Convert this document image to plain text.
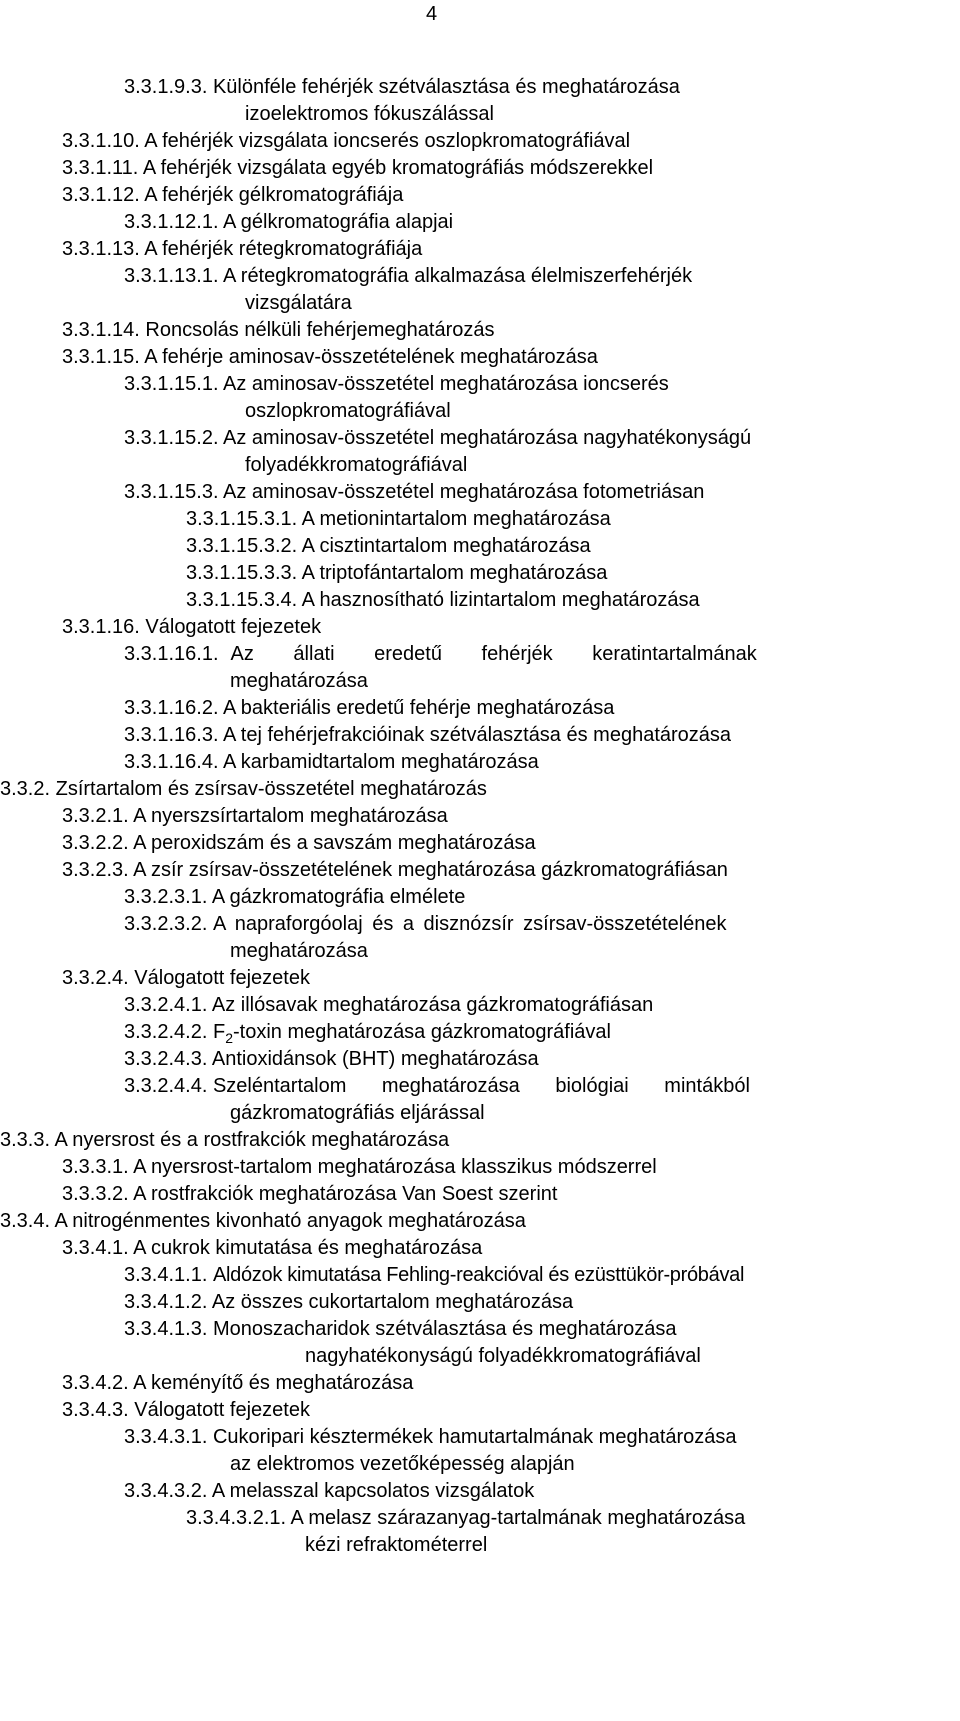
4
3.3.1.9.3. Különféle fehérjék szétválasztása és meghatározása
izoelektromos fókuszálással
3.3.1.10. A fehérjék vizsgálata ioncserés oszlopkromatográfiával
3.3.1.11. A fehérjék vizsgálata egyéb kromatográfiás módszerekkel
3.3.1.12. A fehérjék gélkromatográfiája
3.3.1.12.1. A gélkromatográfia alapjai
3.3.1.13. A fehérjék rétegkromatográfiája
3.3.1.13.1. A rétegkromatográfia alkalmazása élelmiszerfehérjék
vizsgálatára
3.3.1.14. Roncsolás nélküli fehérjemeghatározás
3.3.1.15. A fehérje aminosav-összetételének meghatározása
3.3.1.15.1. Az aminosav-összetétel meghatározása ioncserés
oszlopkromatográfiával
3.3.1.15.2. Az aminosav-összetétel meghatározása nagyhatékonyságú
folyadékkromatográfiával
3.3.1.15.3. Az aminosav-összetétel meghatározása fotometriásan
3.3.1.15.3.1. A metionintartalom meghatározása
3.3.1.15.3.2. A cisztintartalom meghatározása
3.3.1.15.3.3. A triptofántartalom meghatározása
3.3.1.15.3.4. A hasznosítható lizintartalom meghatározása
3.3.1.16. Válogatott fejezetek
3.3.1.16.1. Az állati eredetű fehérjék keratintartalmának
meghatározása
3.3.1.16.2. A bakteriális eredetű fehérje meghatározása
3.3.1.16.3. A tej fehérjefrakcióinak szétválasztása és meghatározása
3.3.1.16.4. A karbamidtartalom meghatározása
3.3.2. Zsírtartalom és zsírsav-összetétel meghatározás
3.3.2.1. A nyerszsírtartalom meghatározása
3.3.2.2. A peroxidszám és a savszám meghatározása
3.3.2.3. A zsír zsírsav-összetételének meghatározása gázkromatográfiásan
3.3.2.3.1. A gázkromatográfia elmélete
3.3.2.3.2. A napraforgóolaj és a disznózsír zsírsav-összetételének
meghatározása
3.3.2.4. Válogatott fejezetek
3.3.2.4.1. Az illósavak meghatározása gázkromatográfiásan
3.3.2.4.2. $F_2$-toxin meghatározása gázkromatográfiával
3.3.2.4.3. Antioxidánsok (BHT) meghatározása
3.3.2.4.4. Szeléntartalom meghatározása biológiai mintákból
gázkromatográfiás eljárással
3.3.3. A nyersrost és a rostfrakciók meghatározása
3.3.3.1. A nyersrost-tartalom meghatározása klasszikus módszerrel
3.3.3.2. A rostfrakciók meghatározása Van Soest szerint
3.3.4. A nitrogénmentes kivonható anyagok meghatározása
3.3.4.1. A cukrok kimutatása és meghatározása
3.3.4.1.1. Aldózok kimutatása Fehling-reakcióval és ezüsttükör-próbával
3.3.4.1.2. Az összes cukortartalom meghatározása
3.3.4.1.3. Monoszacharidok szétválasztása és meghatározása
nagyhatékonyságú folyadékkromatográfiával
3.3.4.2. A keményítő és meghatározása
3.3.4.3. Válogatott fejezetek
3.3.4.3.1. Cukoripari késztermékek hamutartalmának meghatározása
az elektromos vezetőképesség alapján
3.3.4.3.2. A melasszal kapcsolatos vizsgálatok
3.3.4.3.2.1. A melasz szárazanyag-tartalmának meghatározása
kézi refraktométerrel
